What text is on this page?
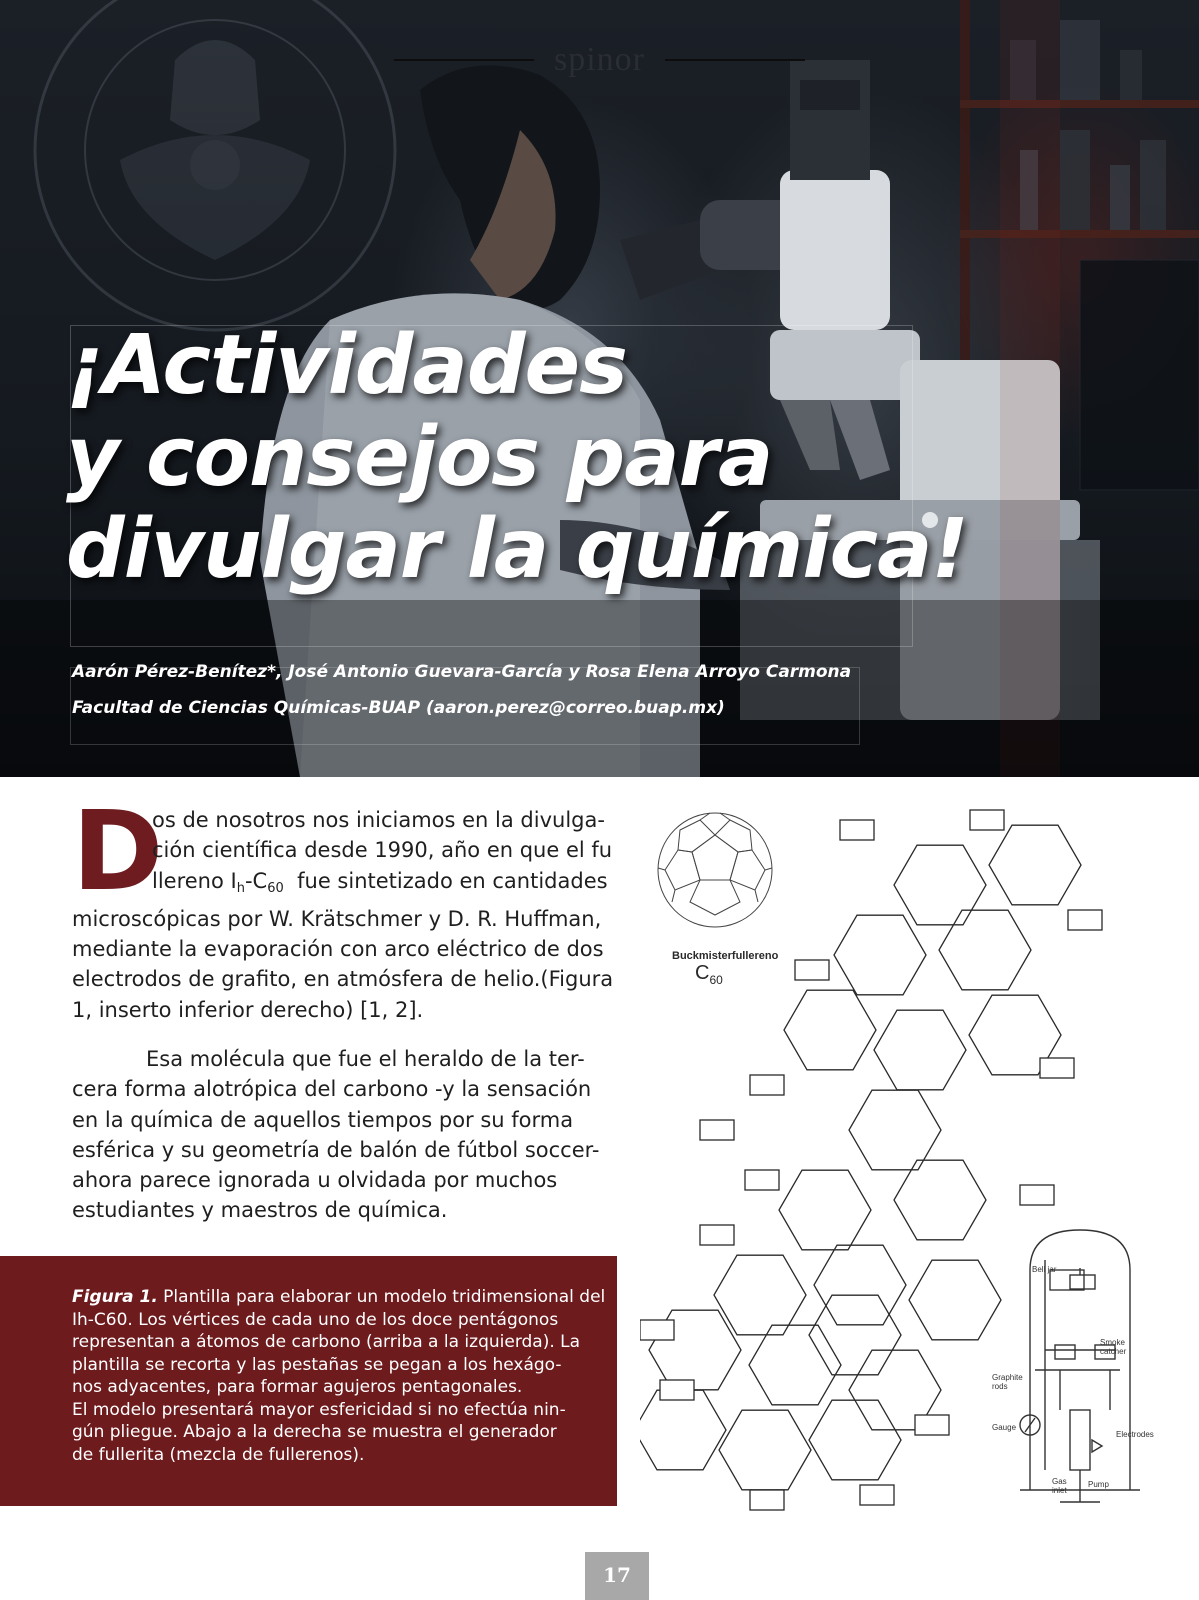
spinor
¡Actividades
y consejos para
divulgar la química!
Aarón Pérez-Benítez*, José Antonio Guevara-García y Rosa Elena Arroyo Carmona
Facultad de Ciencias Químicas-BUAP (aaron.perez@correo.buap.mx)
D
os de nosotros nos iniciamos en la divulga-
ción científica desde 1990, año en que el fu
llereno $I_h-C_{60}$  fue sintetizado en cantidades
microscópicas por W. Krätschmer y D. R. Huffman,
mediante la evaporación con arco eléctrico de dos
electrodos de grafito, en atmósfera de helio.(Figura
1, inserto inferior derecho) [1, 2].
Esa molécula que fue el heraldo de la ter-
cera forma alotrópica del carbono -y la sensación
en la química de aquellos tiempos por su forma
esférica y su geometría de balón de fútbol soccer-
ahora parece ignorada u olvidada por muchos
estudiantes y maestros de química.
Figura 1. Plantilla para elaborar un modelo tridimensional del
Ih-C60. Los vértices de cada uno de los doce pentágonos
representan a átomos de carbono (arriba a la izquierda). La
plantilla se recorta y las pestañas se pegan a los hexágo-
nos adyacentes, para formar agujeros pentagonales.
El modelo presentará mayor esfericidad si no efectúa nin-
gún pliegue. Abajo a la derecha se muestra el generador
de fullerita (mezcla de fullerenos).
Buckmisterfullereno
$C_{60}$
Bell jar
Smoke
catcher
Graphite
rods
Gauge
Electrodes
Gas
inlet
Pump
17
